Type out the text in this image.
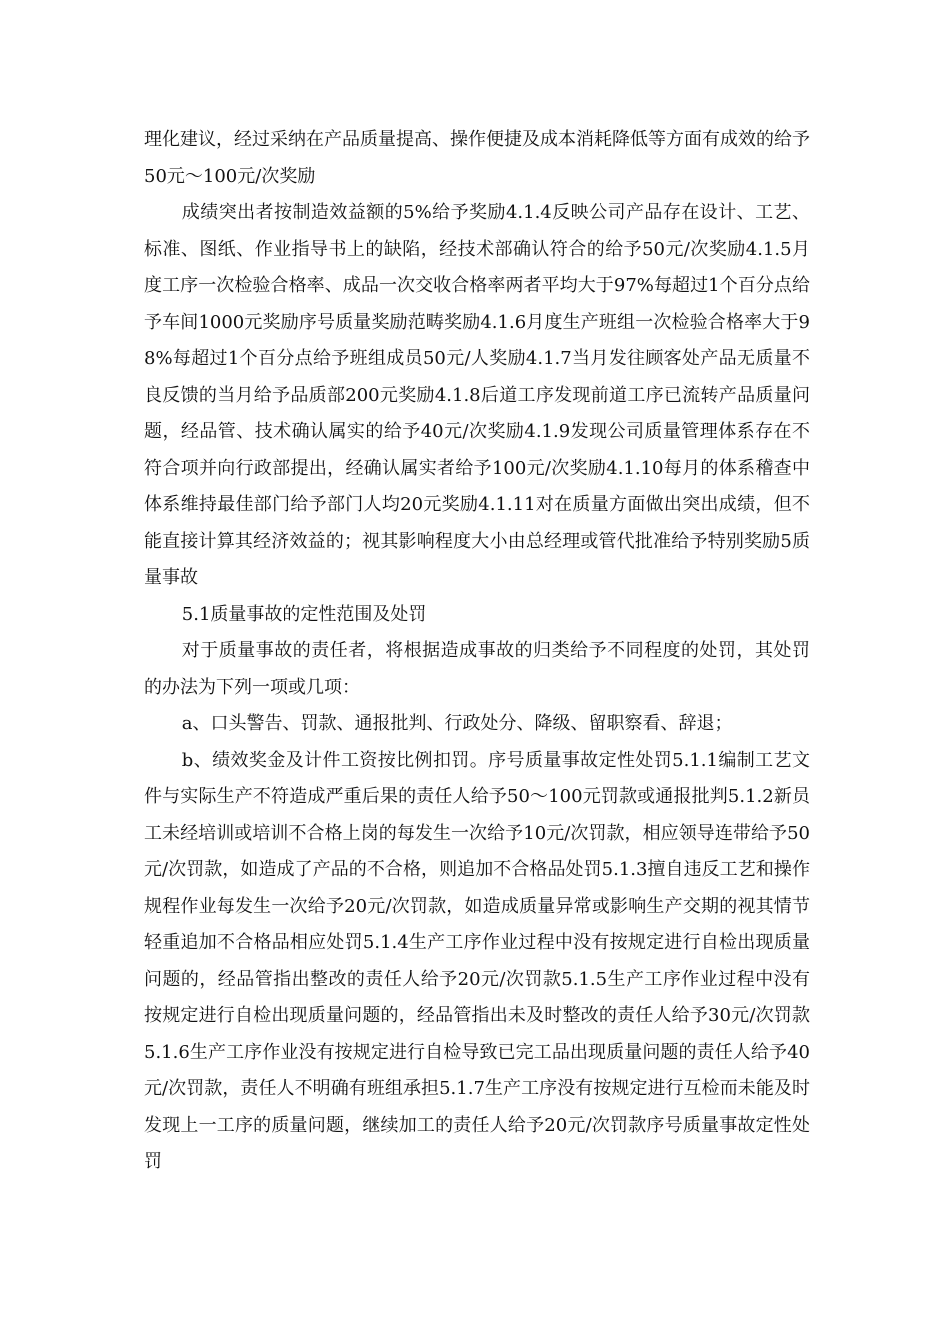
理化建议，经过采纳在产品质量提高、操作便捷及成本消耗降低等方面有成效的给予50元～100元/次奖励

成绩突出者按制造效益额的5%给予奖励4.1.4反映公司产品存在设计、工艺、标准、图纸、作业指导书上的缺陷，经技术部确认符合的给予50元/次奖励4.1.5月度工序一次检验合格率、成品一次交收合格率两者平均大于97%每超过1个百分点给予车间1000元奖励序号质量奖励范畴奖励4.1.6月度生产班组一次检验合格率大于98%每超过1个百分点给予班组成员50元/人奖励4.1.7当月发往顾客处产品无质量不良反馈的当月给予品质部200元奖励4.1.8后道工序发现前道工序已流转产品质量问题，经品管、技术确认属实的给予40元/次奖励4.1.9发现公司质量管理体系存在不符合项并向行政部提出，经确认属实者给予100元/次奖励4.1.10每月的体系稽查中体系维持最佳部门给予部门人均20元奖励4.1.11对在质量方面做出突出成绩，但不能直接计算其经济效益的；视其影响程度大小由总经理或管代批准给予特别奖励5质量事故

5.1质量事故的定性范围及处罚

对于质量事故的责任者，将根据造成事故的归类给予不同程度的处罚，其处罚的办法为下列一项或几项：

a、口头警告、罚款、通报批判、行政处分、降级、留职察看、辞退；

b、绩效奖金及计件工资按比例扣罚。序号质量事故定性处罚5.1.1编制工艺文件与实际生产不符造成严重后果的责任人给予50～100元罚款或通报批判5.1.2新员工未经培训或培训不合格上岗的每发生一次给予10元/次罚款，相应领导连带给予50元/次罚款，如造成了产品的不合格，则追加不合格品处罚5.1.3擅自违反工艺和操作规程作业每发生一次给予20元/次罚款，如造成质量异常或影响生产交期的视其情节轻重追加不合格品相应处罚5.1.4生产工序作业过程中没有按规定进行自检出现质量问题的，经品管指出整改的责任人给予20元/次罚款5.1.5生产工序作业过程中没有按规定进行自检出现质量问题的，经品管指出未及时整改的责任人给予30元/次罚款5.1.6生产工序作业没有按规定进行自检导致已完工品出现质量问题的责任人给予40元/次罚款，责任人不明确有班组承担5.1.7生产工序没有按规定进行互检而未能及时发现上一工序的质量问题，继续加工的责任人给予20元/次罚款序号质量事故定性处罚
